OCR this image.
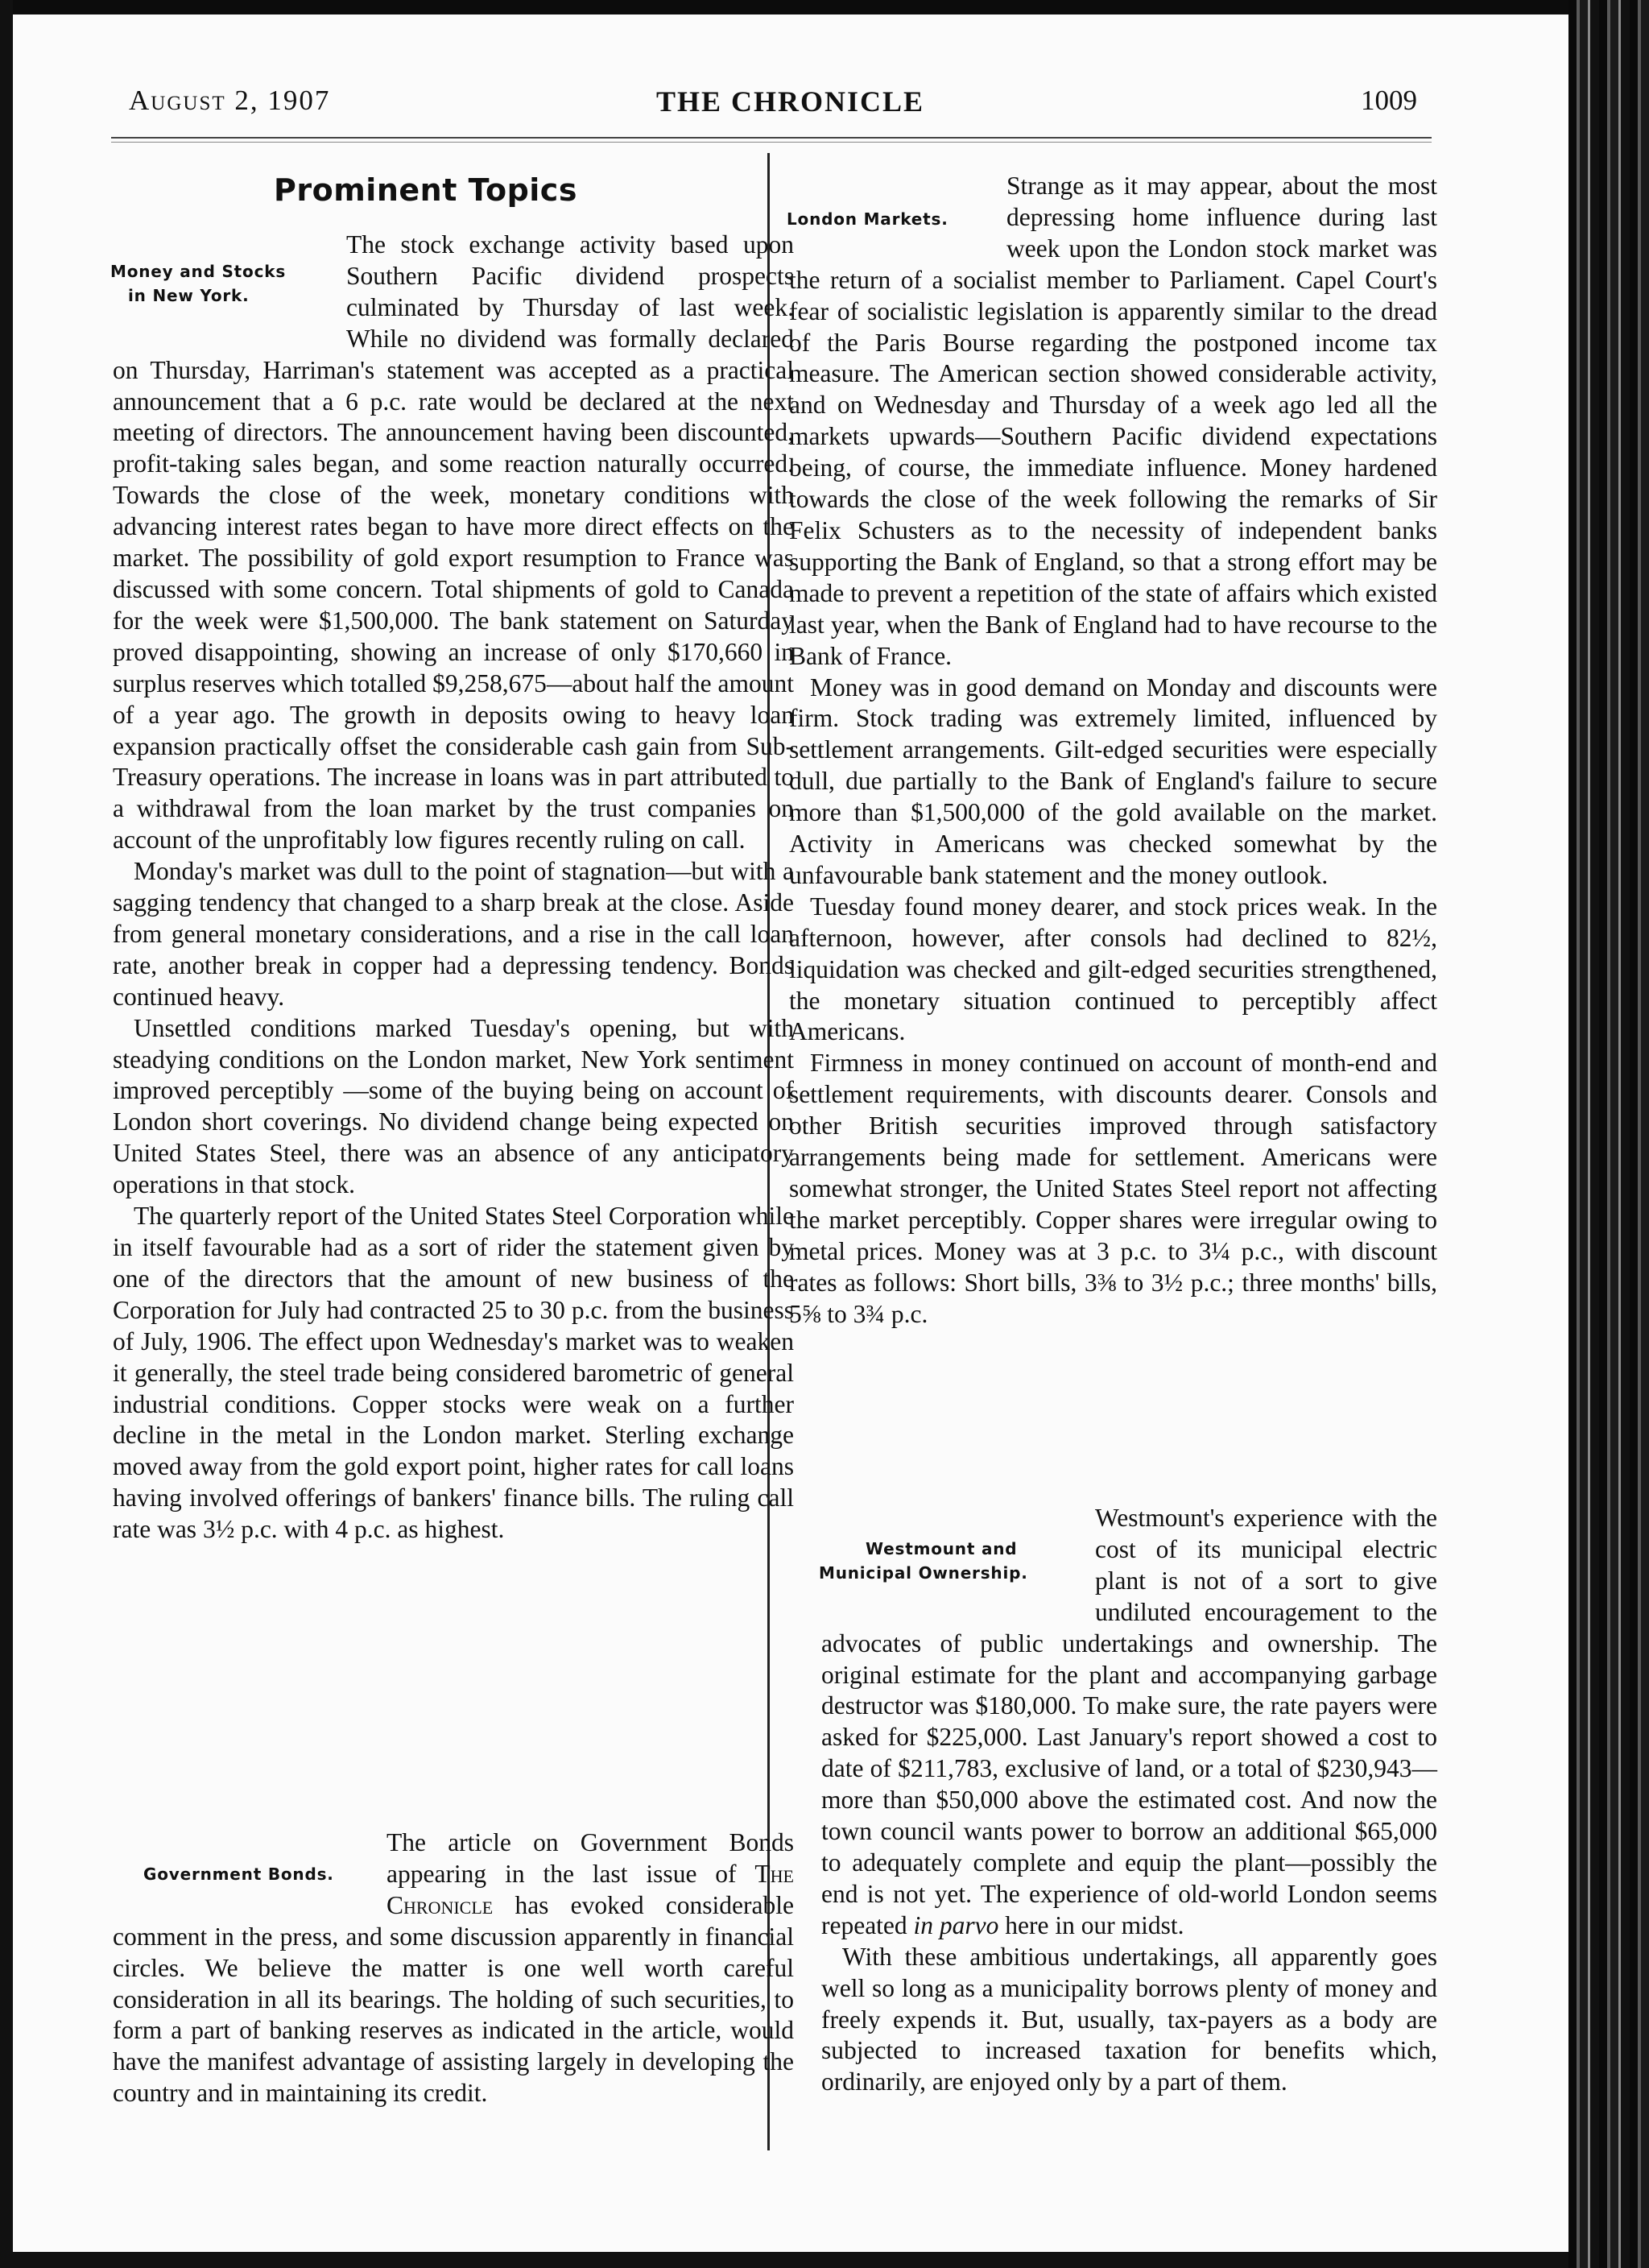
August 2, 1907	THE CHRONICLE	1009
Prominent Topics
Money and Stocks
in New York.

The stock exchange activity based upon Southern Pacific dividend prospects culminated by Thursday of last week. While no dividend was formally declared on Thursday, Harriman's statement was accepted as a practical announcement that a 6 p.c. rate would be declared at the next meeting of directors. The announcement having been discounted, profit-taking sales began, and some reaction naturally occurred. Towards the close of the week, monetary conditions with advancing interest rates began to have more direct effects on the market. The possibility of gold export resumption to France was discussed with some concern. Total shipments of gold to Canada for the week were $1,500,000. The bank statement on Saturday proved disappointing, showing an increase of only $170,660 in surplus reserves which totalled $9,258,675—about half the amount of a year ago. The growth in deposits owing to heavy loan expansion practically offset the considerable cash gain from Sub-Treasury operations. The increase in loans was in part attributed to a withdrawal from the loan market by the trust companies on account of the unprofitably low figures recently ruling on call.

Monday's market was dull to the point of stagnation—but with a sagging tendency that changed to a sharp break at the close. Aside from general monetary considerations, and a rise in the call loan rate, another break in copper had a depressing tendency. Bonds continued heavy.

Unsettled conditions marked Tuesday's opening, but with steadying conditions on the London market, New York sentiment improved perceptibly —some of the buying being on account of London short coverings. No dividend change being expected on United States Steel, there was an absence of any anticipatory operations in that stock.

The quarterly report of the United States Steel Corporation while in itself favourable had as a sort of rider the statement given by one of the directors that the amount of new business of the Corporation for July had contracted 25 to 30 p.c. from the business of July, 1906. The effect upon Wednesday's market was to weaken it generally, the steel trade being considered barometric of general industrial conditions. Copper stocks were weak on a further decline in the metal in the London market. Sterling exchange moved away from the gold export point, higher rates for call loans having involved offerings of bankers' finance bills. The ruling call rate was 3½ p.c. with 4 p.c. as highest.

Government Bonds.

The article on Government Bonds appearing in the last issue of The Chronicle has evoked considerable comment in the press, and some discussion apparently in financial circles. We believe the matter is one well worth careful consideration in all its bearings. The holding of such securities, to form a part of banking reserves as indicated in the article, would have the manifest advantage of assisting largely in developing the country and in maintaining its credit.

London Markets.

Strange as it may appear, about the most depressing home influence during last week upon the London stock market was the return of a socialist member to Parliament. Capel Court's fear of socialistic legislation is apparently similar to the dread of the Paris Bourse regarding the postponed income tax measure. The American section showed considerable activity, and on Wednesday and Thursday of a week ago led all the markets upwards—Southern Pacific dividend expectations being, of course, the immediate influence. Money hardened towards the close of the week following the remarks of Sir Felix Schusters as to the necessity of independent banks supporting the Bank of England, so that a strong effort may be made to prevent a repetition of the state of affairs which existed last year, when the Bank of England had to have recourse to the Bank of France.

Money was in good demand on Monday and discounts were firm. Stock trading was extremely limited, influenced by settlement arrangements. Gilt-edged securities were especially dull, due partially to the Bank of England's failure to secure more than $1,500,000 of the gold available on the market. Activity in Americans was checked somewhat by the unfavourable bank statement and the money outlook.

Tuesday found money dearer, and stock prices weak. In the afternoon, however, after consols had declined to 82½, liquidation was checked and gilt-edged securities strengthened, the monetary situation continued to perceptibly affect Americans.

Firmness in money continued on account of month-end and settlement requirements, with discounts dearer. Consols and other British securities improved through satisfactory arrangements being made for settlement. Americans were somewhat stronger, the United States Steel report not affecting the market perceptibly. Copper shares were irregular owing to metal prices. Money was at 3 p.c. to 3¼ p.c., with discount rates as follows: Short bills, 3⅜ to 3½ p.c.; three months' bills, 5⅝ to 3¾ p.c.

Westmount and
Municipal Ownership.

Westmount's experience with the cost of its municipal electric plant is not of a sort to give undiluted encouragement to the advocates of public undertakings and ownership. The original estimate for the plant and accompanying garbage destructor was $180,000. To make sure, the rate payers were asked for $225,000. Last January's report showed a cost to date of $211,783, exclusive of land, or a total of $230,943—more than $50,000 above the estimated cost. And now the town council wants power to borrow an additional $65,000 to adequately complete and equip the plant—possibly the end is not yet. The experience of old-world London seems repeated in parvo here in our midst.

With these ambitious undertakings, all apparently goes well so long as a municipality borrows plenty of money and freely expends it. But, usually, tax-payers as a body are subjected to increased taxation for benefits which, ordinarily, are enjoyed only by a part of them.
